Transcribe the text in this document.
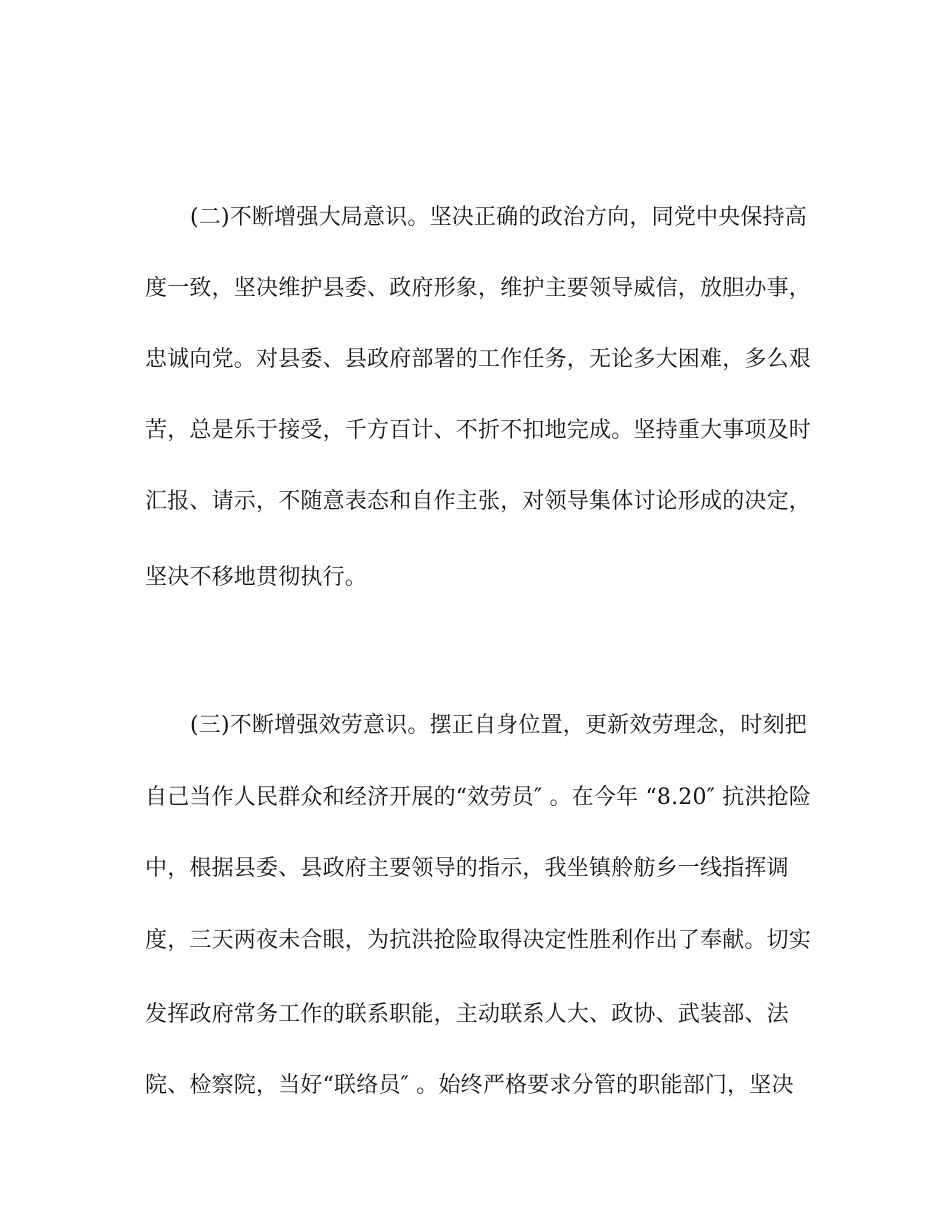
(二)不断增强大局意识。坚决正确的政治方向，同党中央保持高
度一致，坚决维护县委、政府形象，维护主要领导威信，放胆办事，
忠诚向党。对县委、县政府部署的工作任务，无论多大困难，多么艰
苦，总是乐于接受，千方百计、不折不扣地完成。坚持重大事项及时
汇报、请示，不随意表态和自作主张，对领导集体讨论形成的决定，
坚决不移地贯彻执行。
(三)不断增强效劳意识。摆正自身位置，更新效劳理念，时刻把
自己当作人民群众和经济开展的“效劳员″ 。在今年 “8.20″ 抗洪抢险
中，根据县委、县政府主要领导的指示，我坐镇舲舫乡一线指挥调
度，三天两夜未合眼，为抗洪抢险取得决定性胜利作出了奉献。切实
发挥政府常务工作的联系职能，主动联系人大、政协、武装部、法
院、检察院，当好“联络员″ 。始终严格要求分管的职能部门，坚决
